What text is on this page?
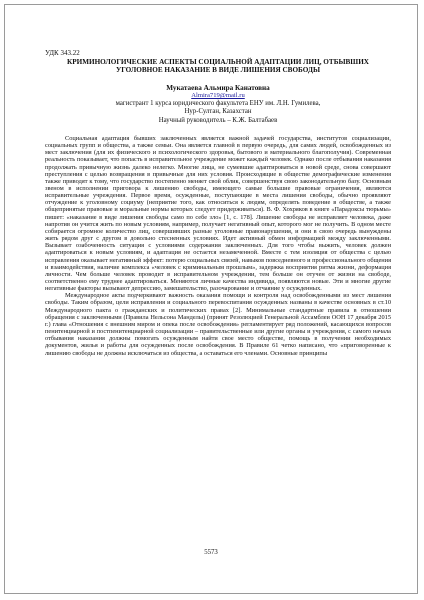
УДК 343.22
КРИМИНОЛОГИЧЕСКИЕ АСПЕКТЫ СОЦИАЛЬНОЙ АДАПТАЦИИ ЛИЦ, ОТБЫВШИХ УГОЛОВНОЕ НАКАЗАНИЕ В ВИДЕ ЛИШЕНИЯ СВОБОДЫ
Мукатаева Альмира Канатовна
Almira719@mail.ru
магистрант 1 курса юридического факультета ЕНУ им. Л.Н. Гумилева,
Нур-Султан, Казахстан
Научный руководитель – К.Ж. Балтабаев

Социальная адаптация бывших заключенных является важной задачей государства, институтов социализации, социальных групп и общества, а также семьи. Она является главной в первую очередь, для самих людей, освобожденных из мест заключения (для их физического и психологического здоровья, бытового и материального благополучия). Современная реальность показывает, что попасть в исправительное учреждение может каждый человек. Однако после отбывания наказания продолжать привычную жизнь далеко нелегко. Многие лица, не сумевшие адаптироваться в новой среде, снова совершают преступления с целью возвращения в привычные для них условия. Происходящие в обществе демографические изменения также приводят к тому, что государство постепенно меняет свой облик, совершенствуя свою законодательную базу. Основным звеном в исполнении приговора к лишению свободы, имеющего самые большие правовые ограничения, являются исправительные учреждения. Первое время, осужденные, поступающие в места лишения свободы, обычно проявляют отчуждение к уголовному социуму (неприятие того, как относиться к людям, определять поведение в обществе, а также общепринятые правовые и моральные нормы которых следует придерживаться). В. Ф. Хохряков в книге «Парадоксы тюрьмы» пишет: «наказание в виде лишения свободы само по себе зло» [1, с. 178]. Лишение свободы не исправляет человека, даже напротив он учится жить по новым условиям, например, получает негативный опыт, которого мог не получить. В одном месте собирается огромное количество лиц, совершивших разные уголовные правонарушения, и они в свою очередь вынуждены жить рядом друг с другом в довольно стесненных условиях. Идет активный обмен информацией между заключенными. Вызывает озабоченность ситуация с условиями содержания заключенных. Для того чтобы выжить, человек должен адаптироваться к новым условиям, и адаптация не остается незамеченной. Вместе с тем изоляция от общества с целью исправления оказывает негативный эффект: потерю социальных связей, навыков повседневного и профессионального общения и взаимодействия, наличие комплекса «человек с криминальным прошлым», задержка восприятия ритма жизни, деформация личности. Чем больше человек проводит в исправительном учреждении, тем больше он отучен от жизни на свободе, соответственно ему труднее адаптироваться. Меняются личные качества индивида, появляются новые. Эти и многие другие негативные факторы вызывают депрессию, замешательство, разочарование и отчаяние у осужденных.

Международное акты подчеркивают важность оказания помощи и контроля над освобожденными из мест лишения свободы. Таким образом, цели исправления и социального перевоспитания осужденных названы в качестве основных в ст.10 Международного пакта о гражданских и политических правах [2]. Минимальные стандартные правила в отношении обращения с заключенными (Правила Нельсона Манделы) (принят Резолюцией Генеральной Ассамблеи ООН 17 декабря 2015 г.) глава «Отношения с внешним миром и опека после освобождения» регламентирует ряд положений, касающихся вопросов пенитенциарной и постпенитенциарной социализации – правительственные или другие органы и учреждения, с самого начала отбывания наказания должны помогать осужденным найти свое место обществе, помощь в получении необходимых документов, жилья и работы для осужденных после освобождения. В Правиле 61 четко написано, что «приговоренные к лишению свободы не должны исключаться из общества, а оставаться его членами. Основные принципы

5573
